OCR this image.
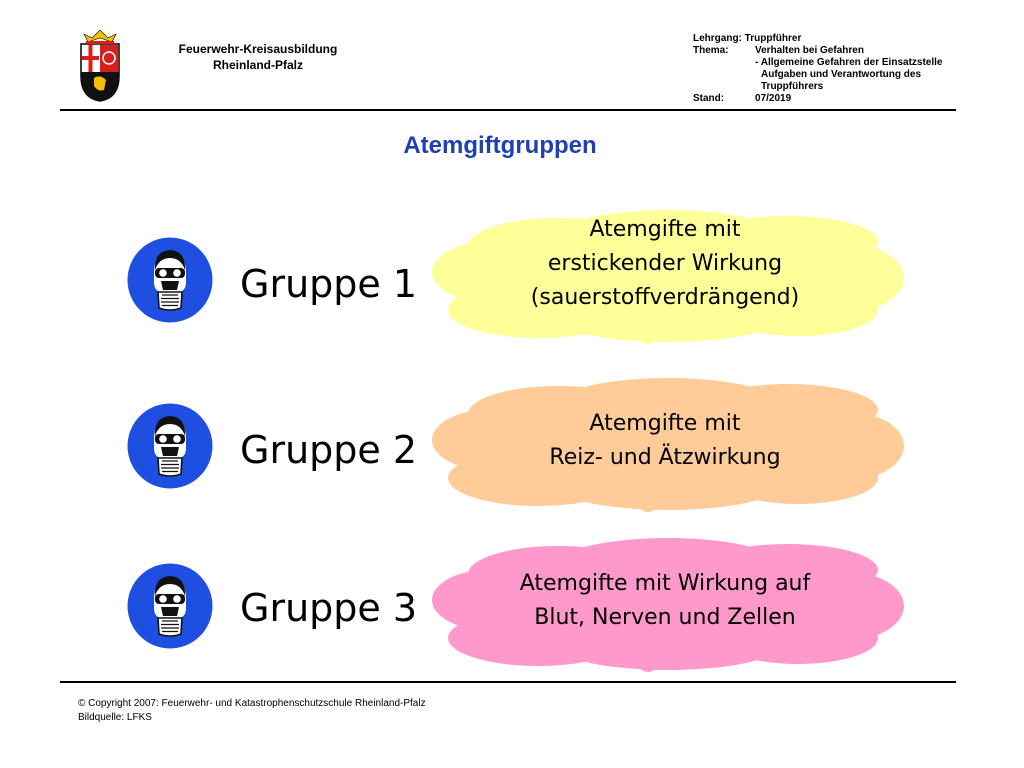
Feuerwehr-Kreisausbildung
Rheinland-Pfalz
Lehrgang:
Truppführer
Thema:	Verhalten bei Gefahren
- Allgemeine Gefahren der Einsatzstelle
Aufgaben und Verantwortung des
Truppführers
Stand:	07/2019
Atemgiftgruppen
Gruppe 1
Atemgifte mit
erstickender Wirkung
(sauerstoffverdrängend)
Gruppe 2
Atemgifte mit
Reiz- und Ätzwirkung
Gruppe 3
Atemgifte mit Wirkung auf
Blut, Nerven und Zellen
© Copyright 2007: Feuerwehr- und Katastrophenschutzschule Rheinland-Pfalz
Bildquelle: LFKS
